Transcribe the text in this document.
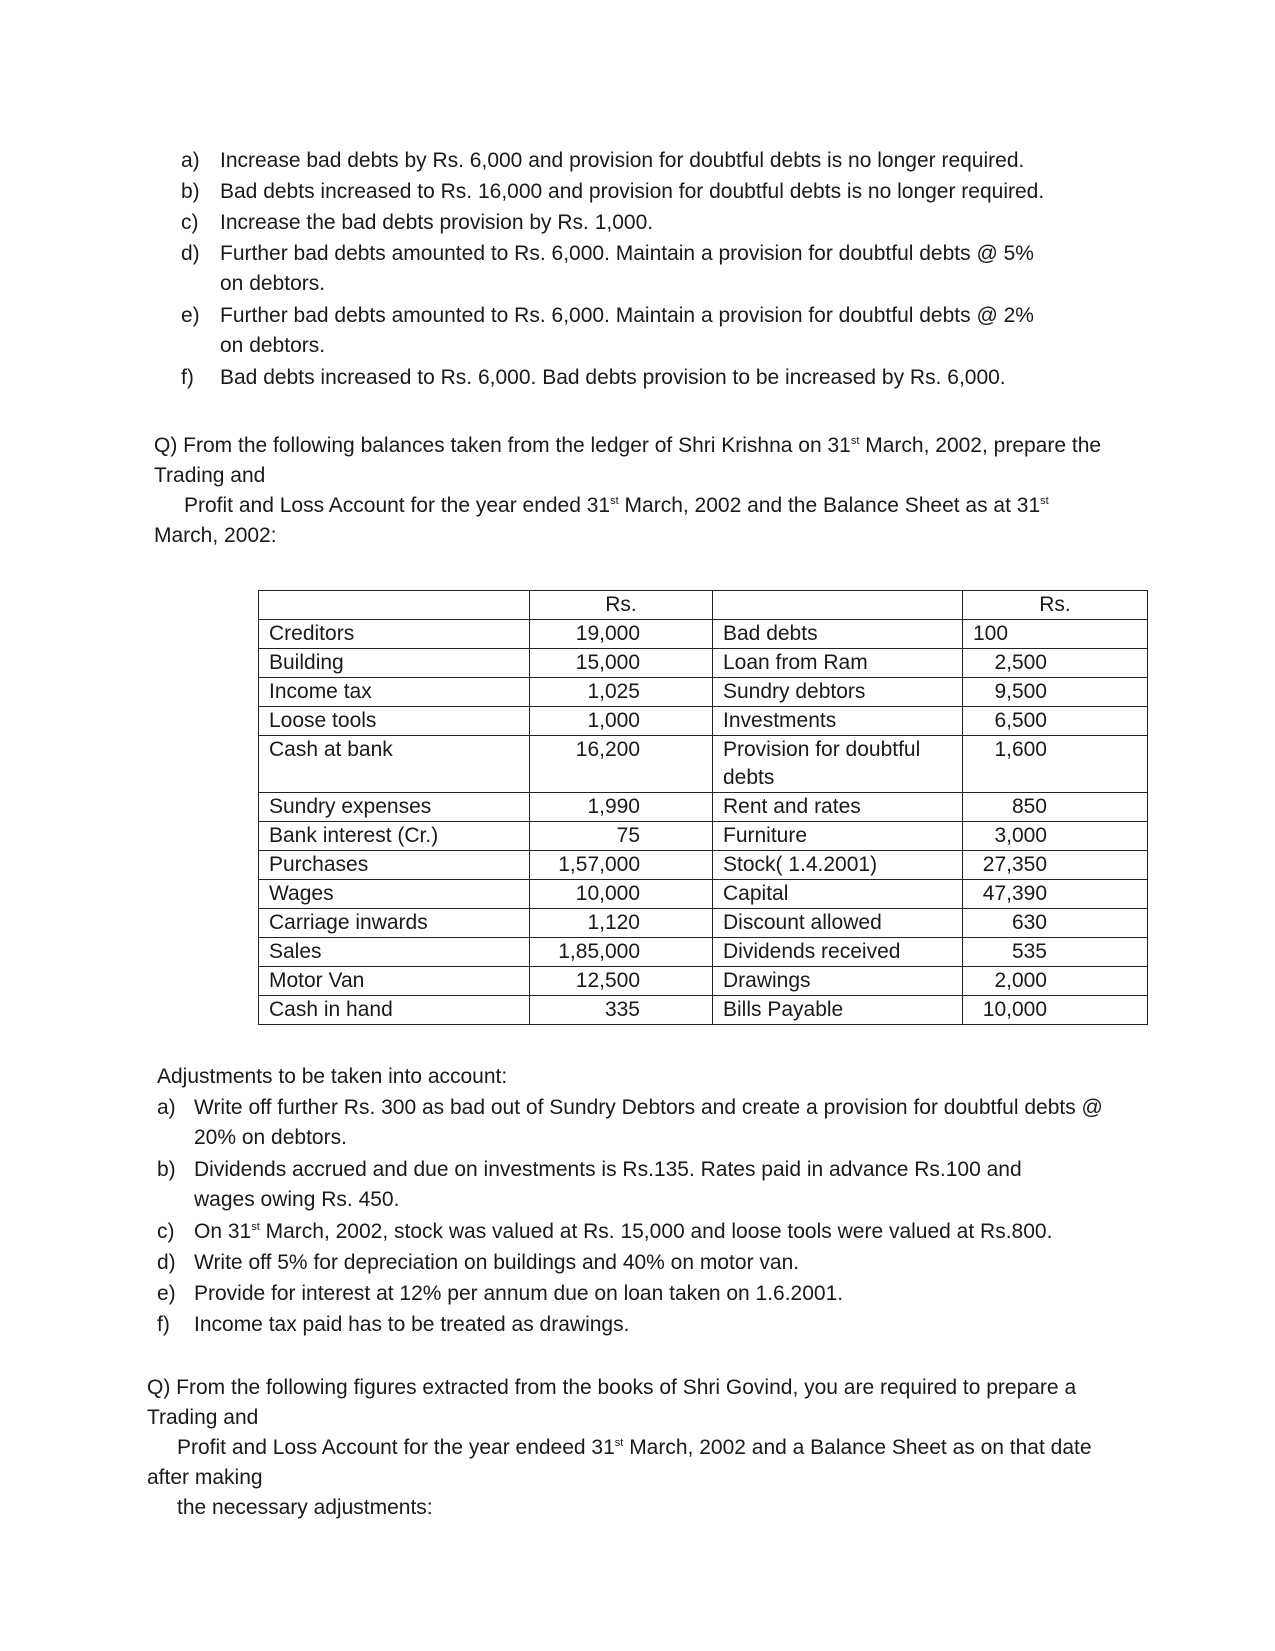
a) Increase bad debts by Rs. 6,000 and provision for doubtful debts is no longer required.
b) Bad debts increased to Rs. 16,000 and provision for doubtful debts is no longer required.
c) Increase the bad debts provision by Rs. 1,000.
d) Further bad debts amounted to Rs. 6,000. Maintain a provision for doubtful debts @ 5% on debtors.
e) Further bad debts amounted to Rs. 6,000. Maintain a provision for doubtful debts @ 2% on debtors.
f) Bad debts increased to Rs. 6,000. Bad debts provision to be increased by Rs. 6,000.
Q) From the following balances taken from the ledger of Shri Krishna on 31st March, 2002, prepare the
Trading and
Profit and Loss Account for the year ended 31st March, 2002 and the Balance Sheet as at 31st
March, 2002:
	Rs.		Rs.
Creditors	19,000	Bad debts	100
Building	15,000	Loan from Ram	2,500
Income tax	1,025	Sundry debtors	9,500
Loose tools	1,000	Investments	6,500
Cash at bank	16,200	Provision for doubtful debts	1,600
Sundry expenses	1,990	Rent and rates	850
Bank interest (Cr.)	75	Furniture	3,000
Purchases	1,57,000	Stock( 1.4.2001)	27,350
Wages	10,000	Capital	47,390
Carriage inwards	1,120	Discount allowed	630
Sales	1,85,000	Dividends received	535
Motor Van	12,500	Drawings	2,000
Cash in hand	335	Bills Payable	10,000
Adjustments to be taken into account:
a) Write off further Rs. 300 as bad out of Sundry Debtors and create a provision for doubtful debts @ 20% on debtors.
b) Dividends accrued and due on investments is Rs.135. Rates paid in advance Rs.100 and wages owing Rs. 450.
c) On 31st March, 2002, stock was valued at Rs. 15,000 and loose tools were valued at Rs.800.
d) Write off 5% for depreciation on buildings and 40% on motor van.
e) Provide for interest at 12% per annum due on loan taken on 1.6.2001.
f) Income tax paid has to be treated as drawings.
Q) From the following figures extracted from the books of Shri Govind, you are required to prepare a
Trading and
Profit and Loss Account for the year endeed 31st March, 2002 and a Balance Sheet as on that date
after making
the necessary adjustments:
